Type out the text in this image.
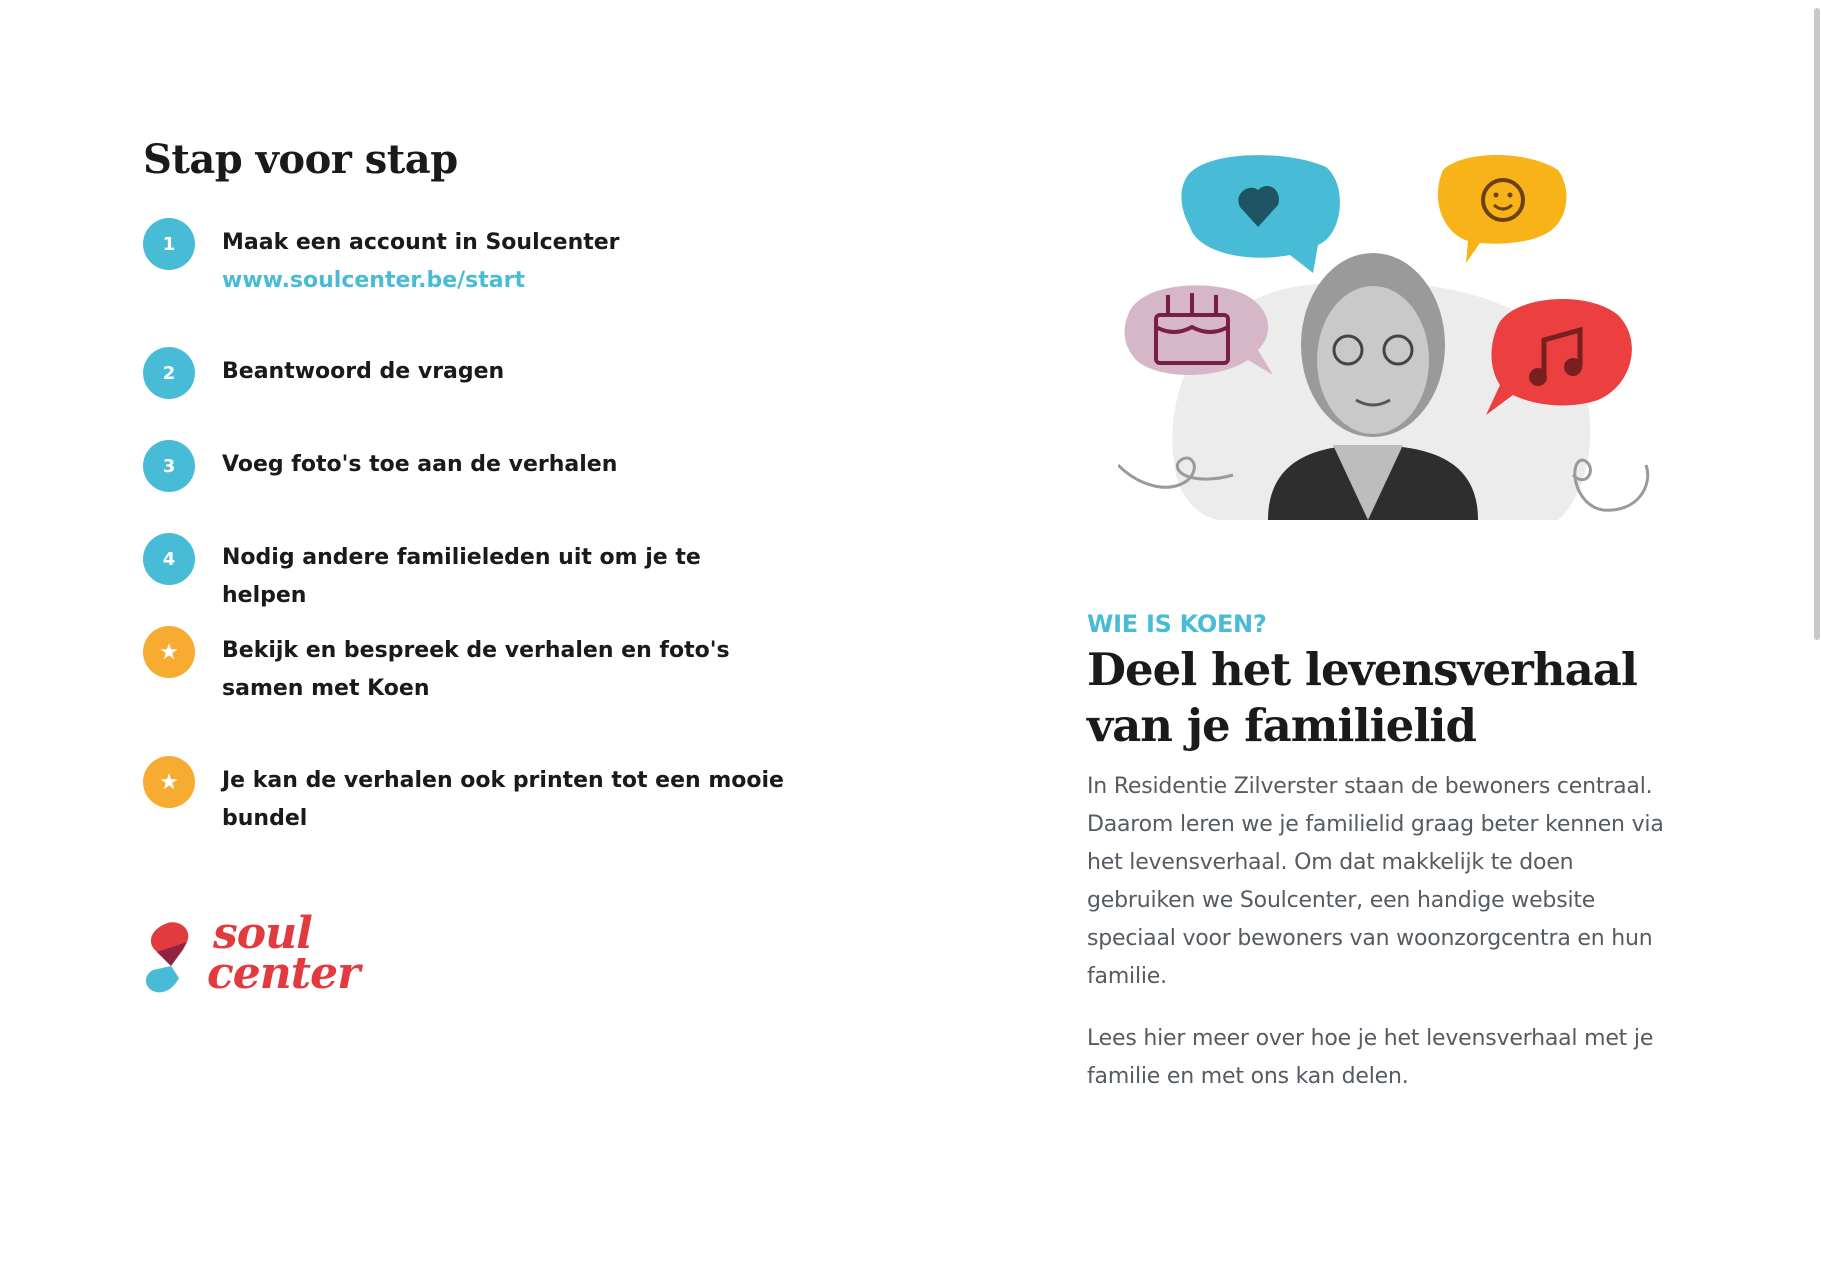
Stap voor stap
1	Maak een account in Soulcenter
www.soulcenter.be/start
2	Beantwoord de vragen
3	Voeg foto's toe aan de verhalen
4	Nodig andere familieleden uit om je te helpen
★	Bekijk en bespreek de verhalen en foto's samen met Koen
★	Je kan de verhalen ook printen tot een mooie bundel
soul
center
WIE IS KOEN?
Deel het levensverhaal van je familielid

In Residentie Zilverster staan de bewoners centraal. Daarom leren we je familielid graag beter kennen via het levensverhaal. Om dat makkelijk te doen gebruiken we Soulcenter, een handige website speciaal voor bewoners van woonzorgcentra en hun familie.

Lees hier meer over hoe je het levensverhaal met je familie en met ons kan delen.
